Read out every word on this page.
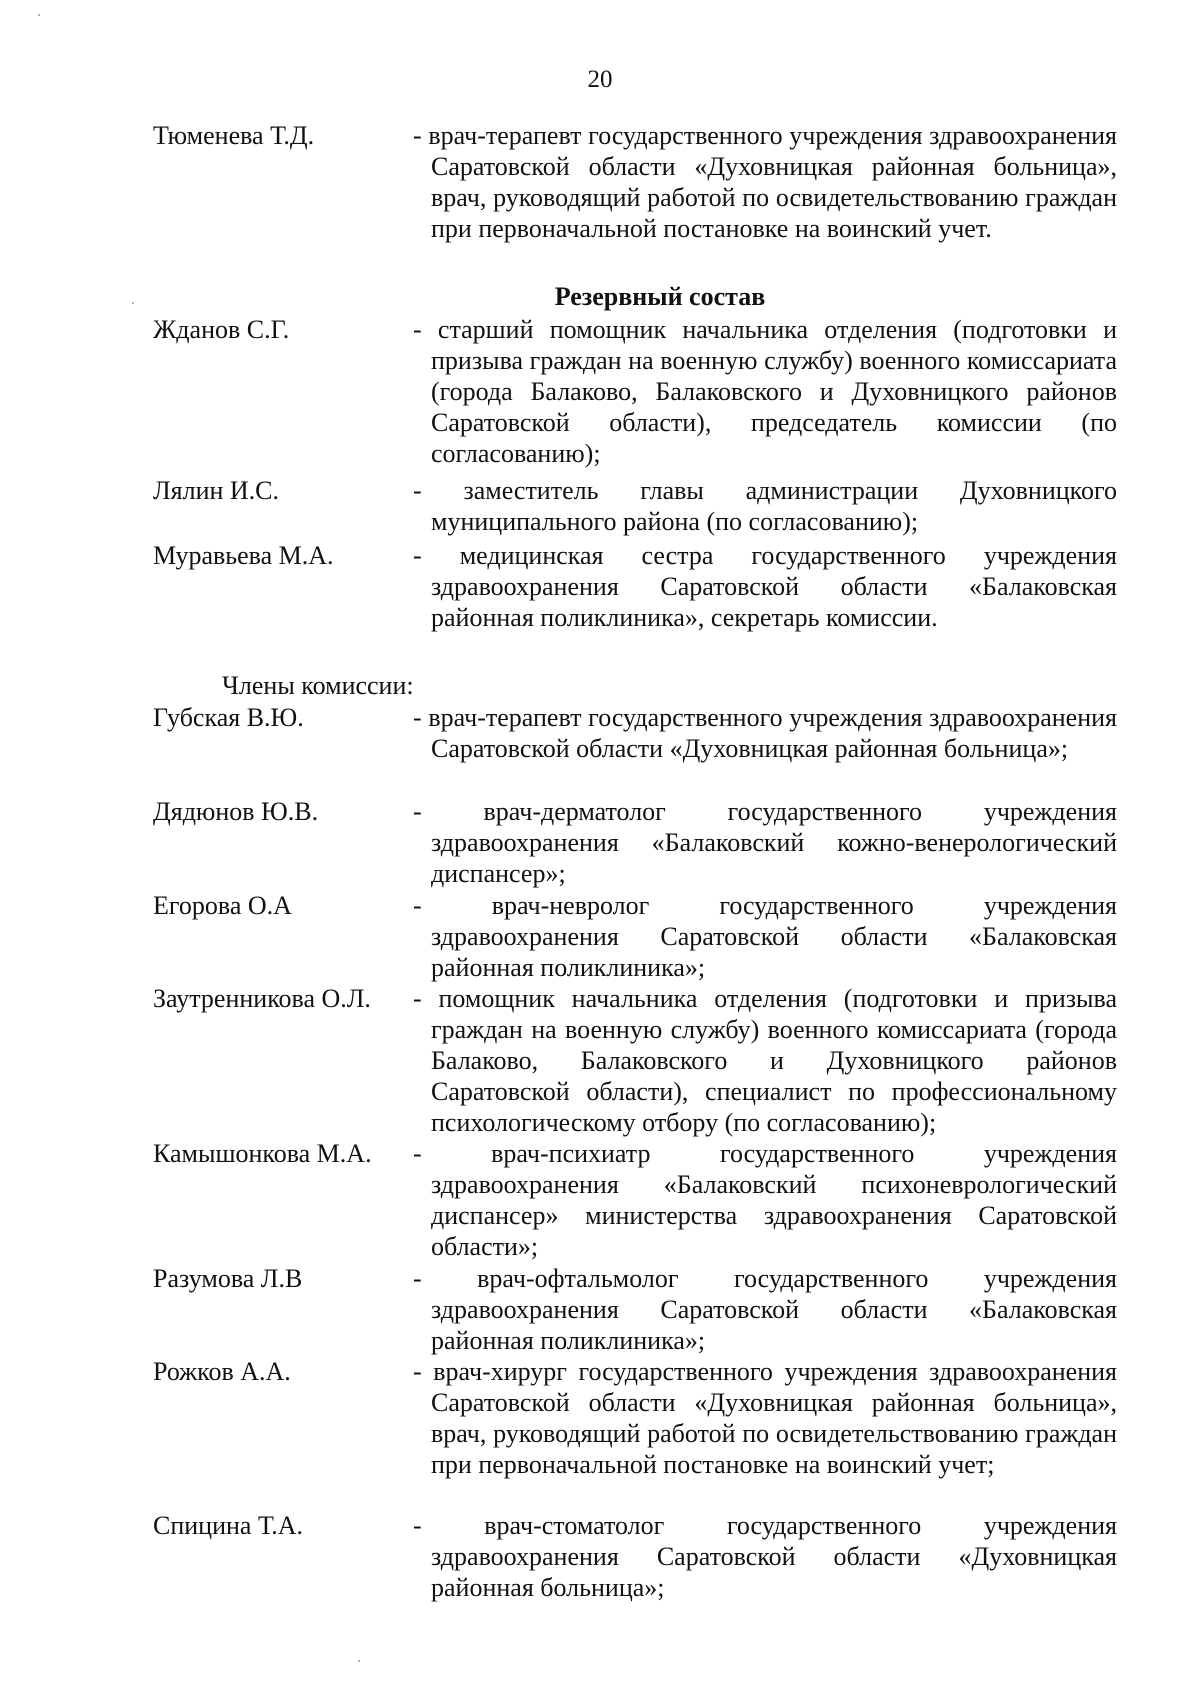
20
Тюменева Т.Д.	- врач-терапевт государственного учреждения здравоохранения Саратовской области «Духовницкая районная больница», врач, руководящий работой по освидетельствованию граждан при первоначальной постановке на воинский учет.
Резервный состав
Жданов С.Г.	- старший помощник начальника отделения (подготовки и призыва граждан на военную службу) военного комиссариата (города Балаково, Балаковского и Духовницкого районов Саратовской области), председатель комиссии (по согласованию);
Лялин И.С.	- заместитель главы администрации Духовницкого муниципального района (по согласованию);
Муравьева М.А.	- медицинская сестра государственного учреждения здравоохранения Саратовской области «Балаковская районная поликлиника», секретарь комиссии.
Члены комиссии:
Губская В.Ю.	- врач-терапевт государственного учреждения здравоохранения Саратовской области «Духовницкая районная больница»;
Дядюнов Ю.В.	- врач-дерматолог государственного учреждения здравоохранения «Балаковский кожно-венерологический диспансер»;
Егорова О.А	- врач-невролог государственного учреждения здравоохранения Саратовской области «Балаковская районная поликлиника»;
Заутренникова О.Л.	- помощник начальника отделения (подготовки и призыва граждан на военную службу) военного комиссариата (города Балаково, Балаковского и Духовницкого районов Саратовской области), специалист по профессиональному психологическому отбору (по согласованию);
Камышонкова М.А.	- врач-психиатр государственного учреждения здравоохранения «Балаковский психоневрологический диспансер» министерства здравоохранения Саратовской области»;
Разумова Л.В	- врач-офтальмолог государственного учреждения здравоохранения Саратовской области «Балаковская районная поликлиника»;
Рожков А.А.	- врач-хирург государственного учреждения здравоохранения Саратовской области «Духовницкая районная больница», врач, руководящий работой по освидетельствованию граждан при первоначальной постановке на воинский учет;
Спицина Т.А.	- врач-стоматолог государственного учреждения здравоохранения Саратовской области «Духовницкая районная больница»;
